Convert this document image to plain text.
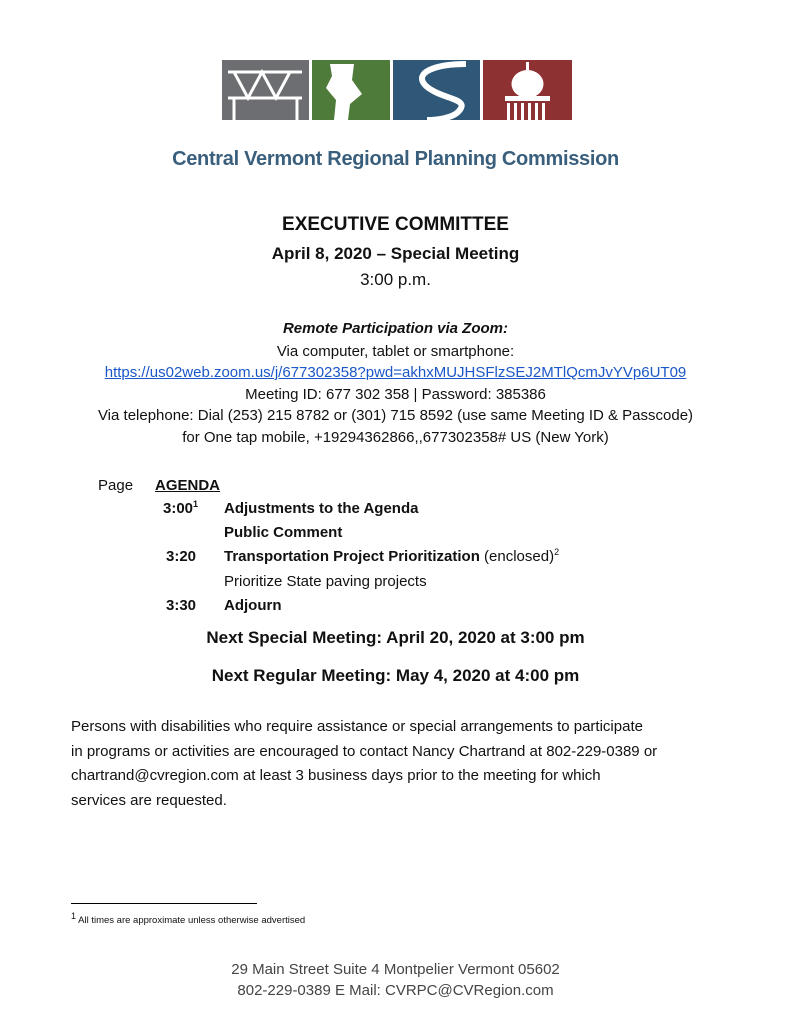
Central Vermont Regional Planning Commission
EXECUTIVE COMMITTEE
April 8, 2020 – Special Meeting
3:00 p.m.
Remote Participation via Zoom:
Via computer, tablet or smartphone:
https://us02web.zoom.us/j/677302358?pwd=akhxMUJHSFlzSEJ2MTlQcmJvYVp6UT09
Meeting ID: 677 302 358 | Password: 385386
Via telephone: Dial (253) 215 8782 or (301) 715 8592 (use same Meeting ID & Passcode)
for One tap mobile, +19294362866,,677302358# US (New York)
Page AGENDA
$3:00^1$ Adjustments to the Agenda
Public Comment
3:20 Transportation Project Prioritization (enclosed)$^2$
Prioritize State paving projects
3:30 Adjourn
Next Special Meeting: April 20, 2020 at 3:00 pm
Next Regular Meeting: May 4, 2020 at 4:00 pm
Persons with disabilities who require assistance or special arrangements to participate
in programs or activities are encouraged to contact Nancy Chartrand at 802-229-0389 or
chartrand@cvregion.com at least 3 business days prior to the meeting for which
services are requested.
$^1$ All times are approximate unless otherwise advertised
29 Main Street Suite 4 Montpelier Vermont 05602
802-229-0389 E Mail: CVRPC@CVRegion.com
